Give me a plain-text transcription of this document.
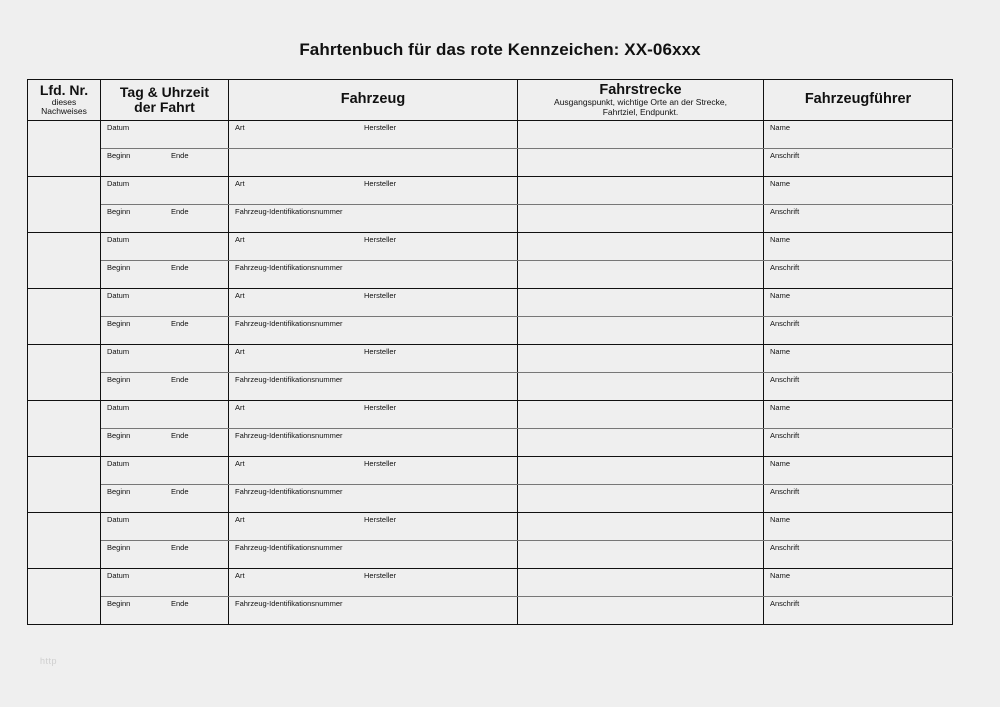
Fahrtenbuch für das rote Kennzeichen: XX-06xxx
Lfd. Nr.
dieses
Nachweises	Tag & Uhrzeit
der Fahrt	Fahrzeug	Fahrstrecke
Ausgangspunkt, wichtige Orte an der Strecke,
Fahrtziel, Endpunkt.	Fahrzeugführer

	Datum	Art Hersteller		Name

	Beginn Ende			Anschrift

	Datum	Art Hersteller		Name

	Beginn Ende	Fahrzeug-Identifikationsnummer		Anschrift

	Datum	Art Hersteller		Name

	Beginn Ende	Fahrzeug-Identifikationsnummer		Anschrift

	Datum	Art Hersteller		Name

	Beginn Ende	Fahrzeug-Identifikationsnummer		Anschrift

	Datum	Art Hersteller		Name

	Beginn Ende	Fahrzeug-Identifikationsnummer		Anschrift

	Datum	Art Hersteller		Name

	Beginn Ende	Fahrzeug-Identifikationsnummer		Anschrift

	Datum	Art Hersteller		Name

	Beginn Ende	Fahrzeug-Identifikationsnummer		Anschrift

	Datum	Art Hersteller		Name

	Beginn Ende	Fahrzeug-Identifikationsnummer		Anschrift

	Datum	Art Hersteller		Name

	Beginn Ende	Fahrzeug-Identifikationsnummer		Anschrift
http
